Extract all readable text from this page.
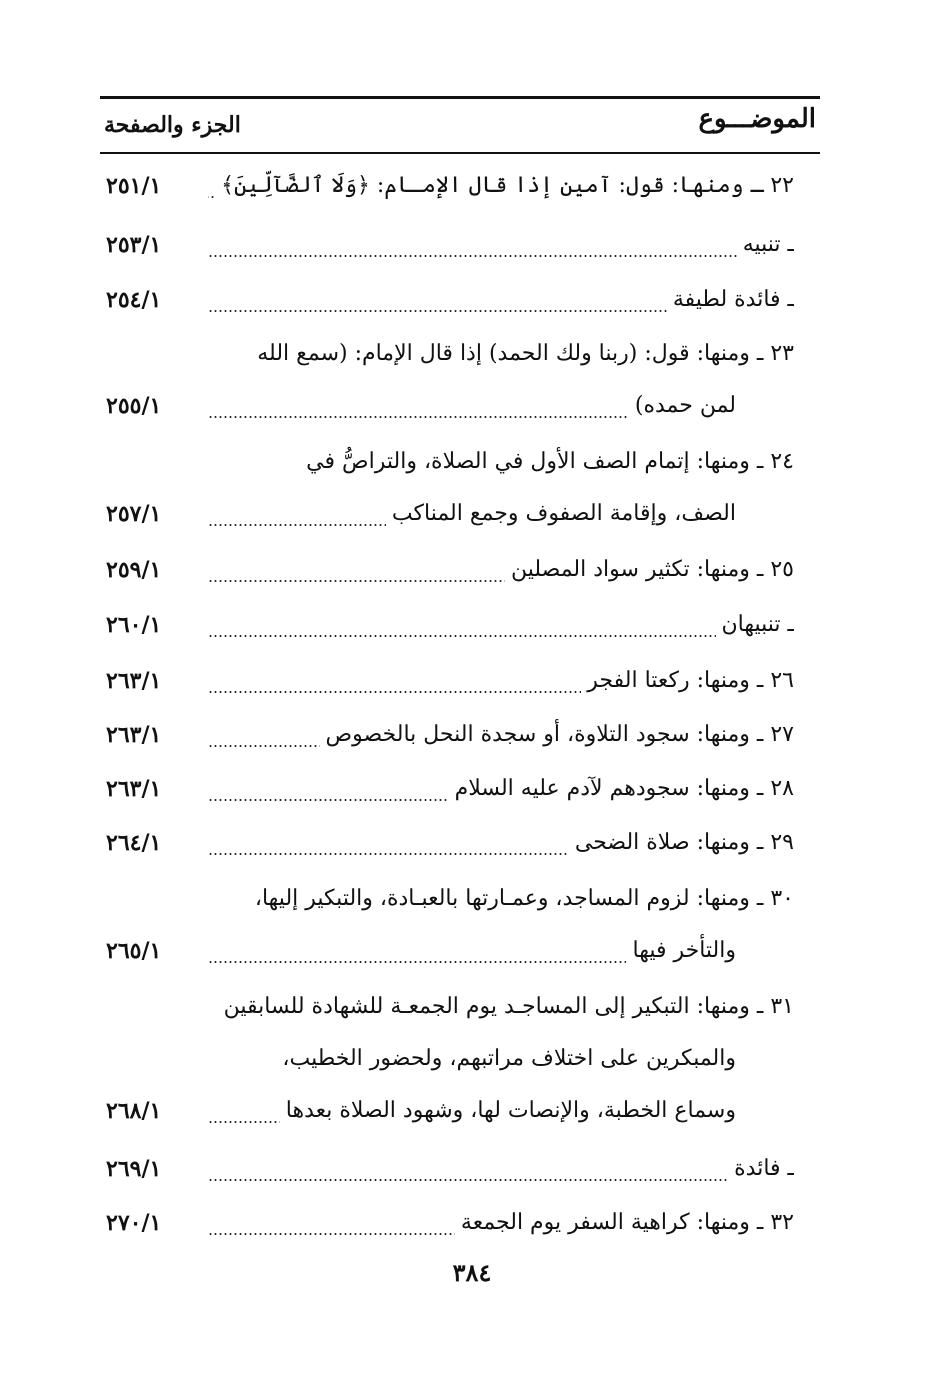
الموضـــوع
الجزء والصفحة
٢٥١/١	٢٢ ـ ومنها: قول: آمين إذا قال الإمـام: ﴿وَلَا ٱلضَّآلِّينَ﴾
٢٥٣/١	ـ تنبيه
٢٥٤/١	ـ فائدة لطيفة
٢٣ ـ ومنها: قول: (ربنا ولك الحمد) إذا قال الإمام: (سمع الله
٢٥٥/١	لمن حمده)
٢٤ ـ ومنها: إتمام الصف الأول في الصلاة، والتراصُّ في
٢٥٧/١	الصف، وإقامة الصفوف وجمع المناكب
٢٥٩/١	٢٥ ـ ومنها: تكثير سواد المصلين
٢٦٠/١	ـ تنبيهان
٢٦٣/١	٢٦ ـ ومنها: ركعتا الفجر
٢٦٣/١	٢٧ ـ ومنها: سجود التلاوة، أو سجدة النحل بالخصوص
٢٦٣/١	٢٨ ـ ومنها: سجودهم لآدم عليه السلام
٢٦٤/١	٢٩ ـ ومنها: صلاة الضحى
٣٠ ـ ومنها: لزوم المساجد، وعمـارتها بالعبـادة، والتبكير إليها،
٢٦٥/١	والتأخر فيها
٣١ ـ ومنها: التبكير إلى المساجـد يوم الجمعـة للشهادة للسابقين
والمبكرين على اختلاف مراتبهم، ولحضور الخطيب،
٢٦٨/١	وسماع الخطبة، والإنصات لها، وشهود الصلاة بعدها
٢٦٩/١	ـ فائدة
٢٧٠/١	٣٢ ـ ومنها: كراهية السفر يوم الجمعة
٣٨٤
